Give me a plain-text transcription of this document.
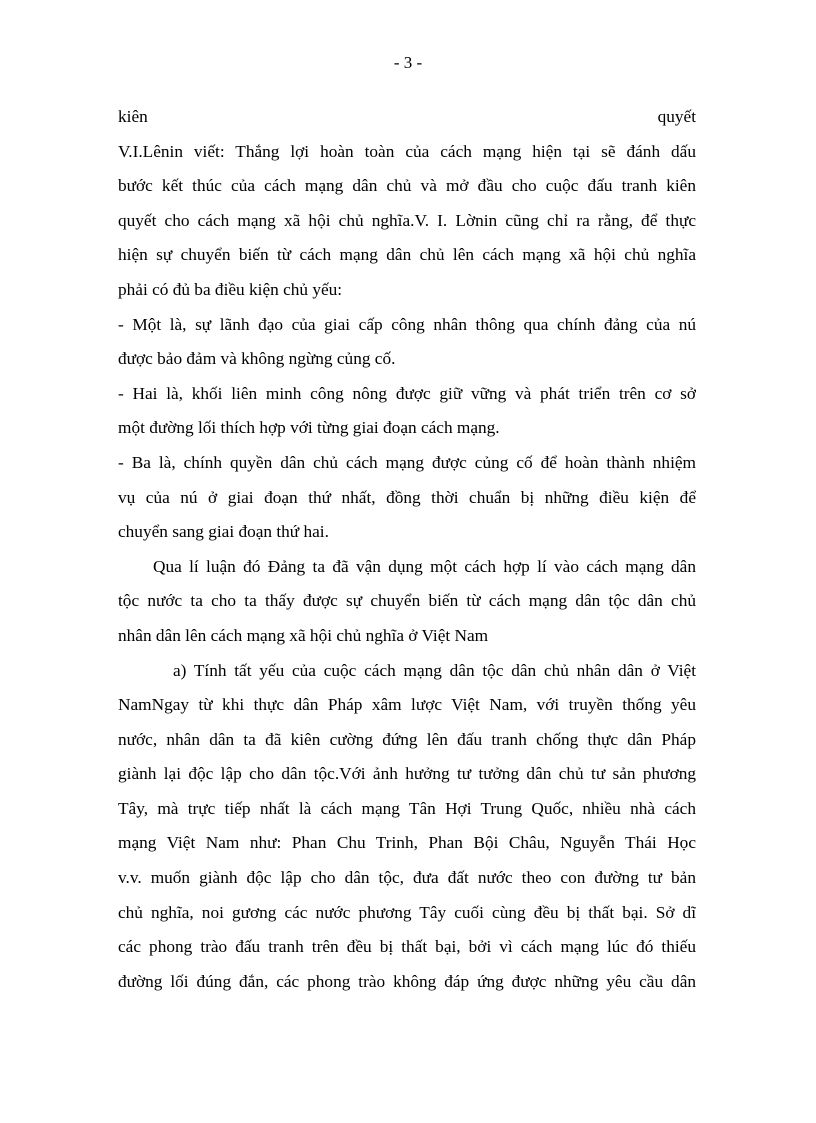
- 3 -
kiên quyết
V.I.Lênin viết: Thắng lợi hoàn toàn của cách mạng hiện tại sẽ đánh dấu
bước kết thúc của cách mạng dân chủ và mở đầu cho cuộc đấu tranh kiên
quyết cho cách mạng xã hội chủ nghĩa.V. I. Lờnin cũng chỉ ra rằng, để thực
hiện sự chuyển biến từ cách mạng dân chủ lên cách mạng xã hội chủ nghĩa
phải có đủ ba điều kiện chủ yếu:
- Một là, sự lãnh đạo của giai cấp công nhân thông qua chính đảng của nú
được bảo đảm và không ngừng củng cố.
- Hai là, khối liên minh công nông được giữ vững và phát triển trên cơ sở
một đường lối thích hợp với từng giai đoạn cách mạng.
- Ba là, chính quyền dân chủ cách mạng được củng cố để hoàn thành nhiệm
vụ của nú ở giai đoạn thứ nhất, đồng thời chuẩn bị những điều kiện để
chuyển sang giai đoạn thứ hai.
Qua lí luận đó Đảng ta đã vận dụng một cách hợp lí vào cách mạng dân
tộc nước ta cho ta thấy được sự chuyển biến từ cách mạng dân tộc dân chủ
nhân dân lên cách mạng xã hội chủ nghĩa ở Việt Nam
a) Tính tất yếu của cuộc cách mạng dân tộc dân chủ nhân dân ở Việt
NamNgay từ khi thực dân Pháp xâm lược Việt Nam, với truyền thống yêu
nước, nhân dân ta đã kiên cường đứng lên đấu tranh chống thực dân Pháp
giành lại độc lập cho dân tộc.Với ảnh hưởng tư tưởng dân chủ tư sản phương
Tây, mà trực tiếp nhất là cách mạng Tân Hợi Trung Quốc, nhiều nhà cách
mạng Việt Nam như: Phan Chu Trinh, Phan Bội Châu, Nguyễn Thái Học
v.v. muốn giành độc lập cho dân tộc, đưa đất nước theo con đường tư bản
chủ nghĩa, noi gương các nước phương Tây cuối cùng đều bị thất bại. Sở dĩ
các phong trào đấu tranh trên đều bị thất bại, bởi vì cách mạng lúc đó thiếu
đường lối đúng đắn, các phong trào không đáp ứng được những yêu cầu dân
